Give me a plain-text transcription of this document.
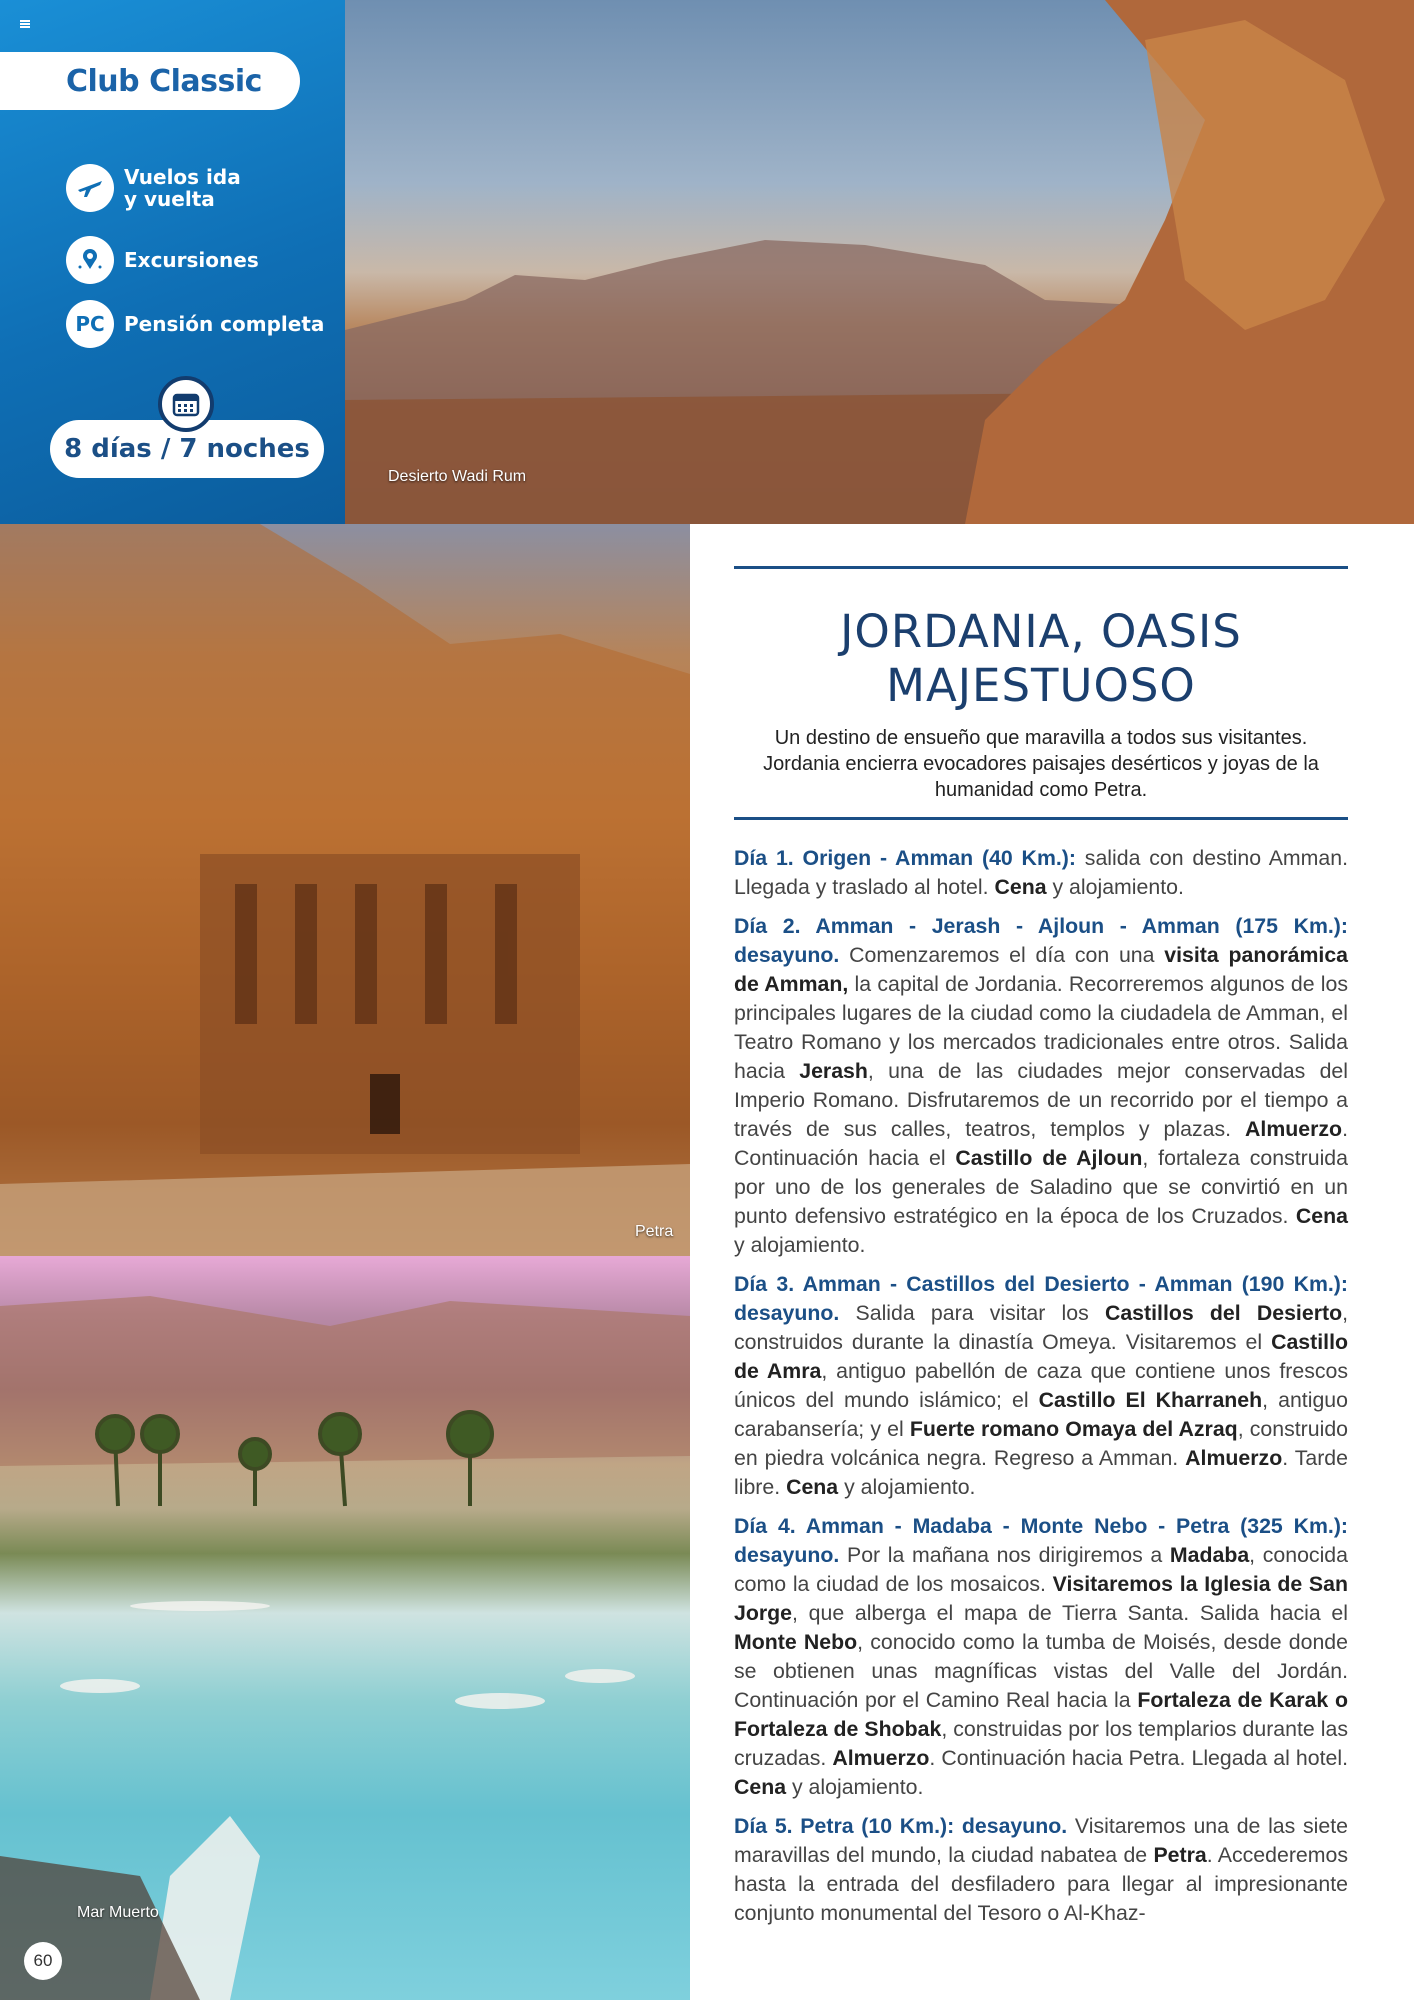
Club Classic
Vuelos ida
y vuelta
Excursiones
PC Pensión completa
8 días / 7 noches
Desierto Wadi Rum
Petra
Mar Muerto
60
JORDANIA, OASIS
MAJESTUOSO
Un destino de ensueño que maravilla a todos sus visitantes. Jordania encierra evocadores paisajes desérticos y joyas de la humanidad como Petra.

Día 1. Origen - Amman (40 Km.): salida con destino Amman. Llegada y traslado al hotel. Cena y alojamiento.

Día 2. Amman - Jerash - Ajloun - Amman (175 Km.): desayuno. Comenzaremos el día con una visita panorámica de Amman, la capital de Jordania. Recorreremos algunos de los principales lugares de la ciudad como la ciudadela de Amman, el Teatro Romano y los mercados tradicionales entre otros. Salida hacia Jerash, una de las ciudades mejor conservadas del Imperio Romano. Disfrutaremos de un recorrido por el tiempo a través de sus calles, teatros, templos y plazas. Almuerzo. Continuación hacia el Castillo de Ajloun, fortaleza construida por uno de los generales de Saladino que se convirtió en un punto defensivo estratégico en la época de los Cruzados. Cena y alojamiento.

Día 3. Amman - Castillos del Desierto - Amman (190 Km.): desayuno. Salida para visitar los Castillos del Desierto, construidos durante la dinastía Omeya. Visitaremos el Castillo de Amra, antiguo pabellón de caza que contiene unos frescos únicos del mundo islámico; el Castillo El Kharraneh, antiguo carabansería; y el Fuerte romano Omaya del Azraq, construido en piedra volcánica negra. Regreso a Amman. Almuerzo. Tarde libre. Cena y alojamiento.

Día 4. Amman - Madaba - Monte Nebo - Petra (325 Km.): desayuno. Por la mañana nos dirigiremos a Madaba, conocida como la ciudad de los mosaicos. Visitaremos la Iglesia de San Jorge, que alberga el mapa de Tierra Santa. Salida hacia el Monte Nebo, conocido como la tumba de Moisés, desde donde se obtienen unas magníficas vistas del Valle del Jordán. Continuación por el Camino Real hacia la Fortaleza de Karak o Fortaleza de Shobak, construidas por los templarios durante las cruzadas. Almuerzo. Continuación hacia Petra. Llegada al hotel. Cena y alojamiento.

Día 5. Petra (10 Km.): desayuno. Visitaremos una de las siete maravillas del mundo, la ciudad nabatea de Petra. Accederemos hasta la entrada del desfiladero para llegar al impresionante conjunto monumental del Tesoro o Al-Khaz-
